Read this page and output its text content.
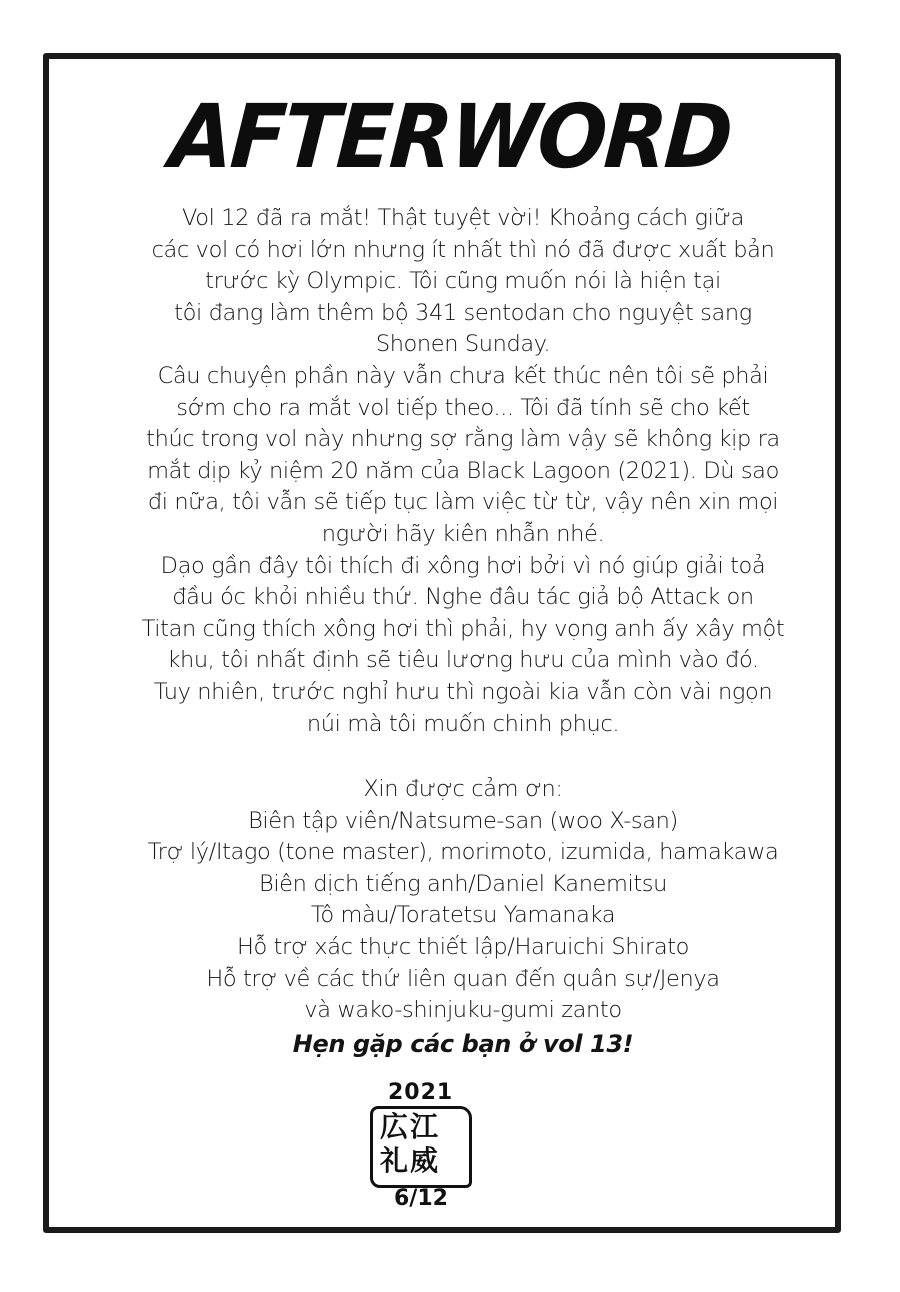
AFTERWORD
Vol 12 đã ra mắt! Thật tuyệt vời! Khoảng cách giữa
các vol có hơi lớn nhưng ít nhất thì nó đã được xuất bản
trước kỳ Olympic. Tôi cũng muốn nói là hiện tại
tôi đang làm thêm bộ 341 sentodan cho nguyệt sang
Shonen Sunday.
Câu chuyện phần này vẫn chưa kết thúc nên tôi sẽ phải
sớm cho ra mắt vol tiếp theo... Tôi đã tính sẽ cho kết
thúc trong vol này nhưng sợ rằng làm vậy sẽ không kịp ra
mắt dịp kỷ niệm 20 năm của Black Lagoon (2021). Dù sao
đi nữa, tôi vẫn sẽ tiếp tục làm việc từ từ, vậy nên xin mọi
người hãy kiên nhẫn nhé.
Dạo gần đây tôi thích đi xông hơi bởi vì nó giúp giải toả
đầu óc khỏi nhiều thứ. Nghe đâu tác giả bộ Attack on
Titan cũng thích xông hơi thì phải, hy vọng anh ấy xây một
khu, tôi nhất định sẽ tiêu lương hưu của mình vào đó.
Tuy nhiên, trước nghỉ hưu thì ngoài kia vẫn còn vài ngọn
núi mà tôi muốn chinh phục.
Xin được cảm ơn:
Biên tập viên/Natsume-san (woo X-san)
Trợ lý/Itago (tone master), morimoto, izumida, hamakawa
Biên dịch tiếng anh/Daniel Kanemitsu
Tô màu/Toratetsu Yamanaka
Hỗ trợ xác thực thiết lập/Haruichi Shirato
Hỗ trợ về các thứ liên quan đến quân sự/Jenya
và wako-shinjuku-gumi zanto
Hẹn gặp các bạn ở vol 13!
2021
広江
礼威
6/12
